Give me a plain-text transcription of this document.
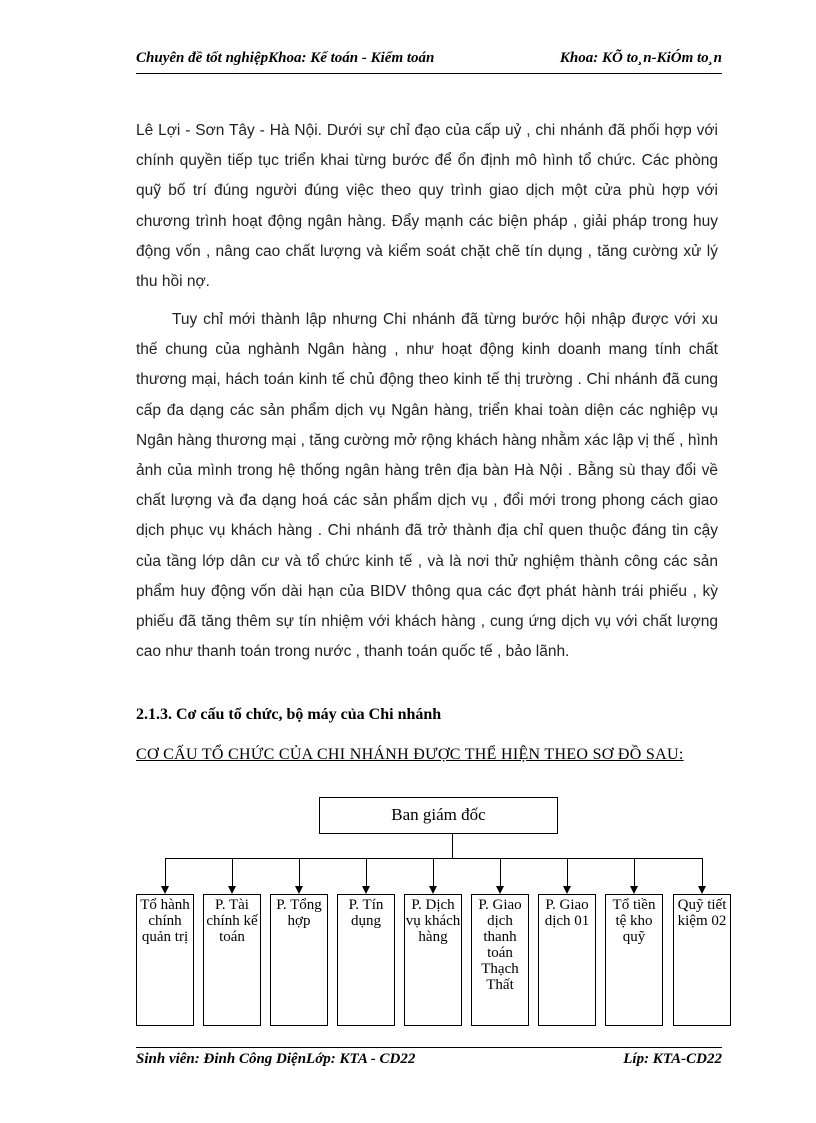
Chuyên đề tốt nghiệpKhoa: Kế toán - Kiểm toán	Khoa: KÕ to¸n-KiÓm to¸n
Lê Lợi - Sơn Tây - Hà Nội. Dưới sự chỉ đạo của cấp uỷ , chi nhánh đã phối hợp với chính quyền tiếp tục triển khai từng bước để ổn định mô hình tổ chức. Các phòng quỹ bố trí đúng người đúng việc theo quy trình giao dịch một cửa phù hợp với chương trình hoạt động ngân hàng. Đẩy mạnh các biện pháp , giải pháp trong huy động vốn , nâng cao chất lượng và kiểm soát chặt chẽ tín dụng , tăng cường xử lý thu hồi nợ.
Tuy chỉ mới thành lập nhưng Chi nhánh đã từng bước hội nhập được với xu thế chung của nghành Ngân hàng , như hoạt động kinh doanh mang tính chất thương mại, hách toán kinh tế chủ động theo kinh tế thị trường . Chi nhánh đã cung cấp đa dạng các sản phẩm dịch vụ Ngân hàng, triển khai toàn diện các nghiệp vụ Ngân hàng thương mại , tăng cường mở rộng khách hàng nhằm xác lập vị thế , hình ảnh của mình trong hệ thống ngân hàng trên địa bàn Hà Nội . Bằng sù thay đổi về chất lượng và đa dạng hoá các sản phẩm dịch vụ , đổi mới trong phong cách giao dịch phục vụ khách hàng . Chi nhánh đã trở thành địa chỉ quen thuộc đáng tin cậy của tầng lớp dân cư và tổ chức kinh tế , và là nơi thử nghiệm thành công các sản phẩm huy động vốn dài hạn của BIDV thông qua các đợt phát hành trái phiếu , kỳ phiếu đã tăng thêm sự tín nhiệm với khách hàng , cung ứng dịch vụ với chất lượng cao như thanh toán trong nước , thanh toán quốc tế , bảo lãnh.
2.1.3. Cơ cấu tổ chức, bộ máy của Chi nhánh
CƠ CẤU TỔ CHỨC CỦA CHI NHÁNH ĐƯỢC THỂ HIỆN THEO SƠ ĐỒ SAU:
Ban giám đốc
Tổ hành chính quản trị
P. Tài chính kế toán
P. Tổng hợp
P. Tín dụng
P. Dịch vụ khách hàng
P. Giao dịch thanh toán Thạch Thất
P. Giao dịch 01
Tổ tiền tệ kho quỹ
Quỹ tiết kiệm 02
Sinh viên: Đinh Công DiệnLớp: KTA - CD22	Líp: KTA-CD22
